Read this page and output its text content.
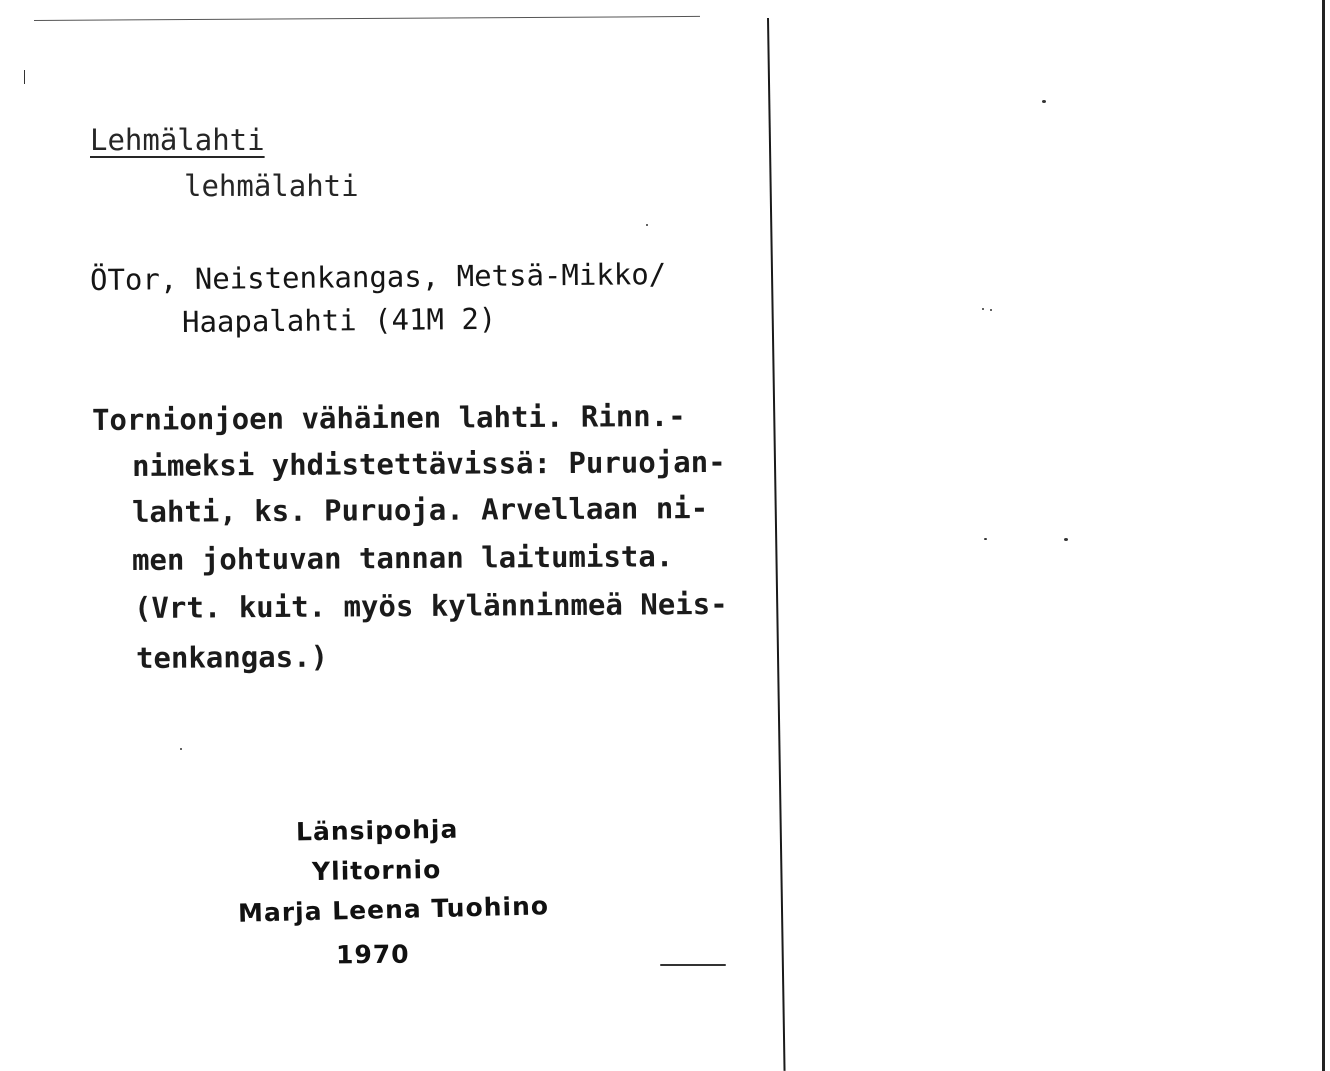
Lehmälahti
lehmälahti
ÖTor, Neistenkangas, Metsä-Mikko/
Haapalahti (41M 2)
Tornionjoen vähäinen lahti. Rinn.-
nimeksi yhdistettävissä: Puruojan-
lahti, ks. Puruoja. Arvellaan ni-
men johtuvan tannan laitumista.
(Vrt. kuit. myös kylänninmeä Neis-
tenkangas.)
Länsipohja
Ylitornio
Marja Leena Tuohino
1970
